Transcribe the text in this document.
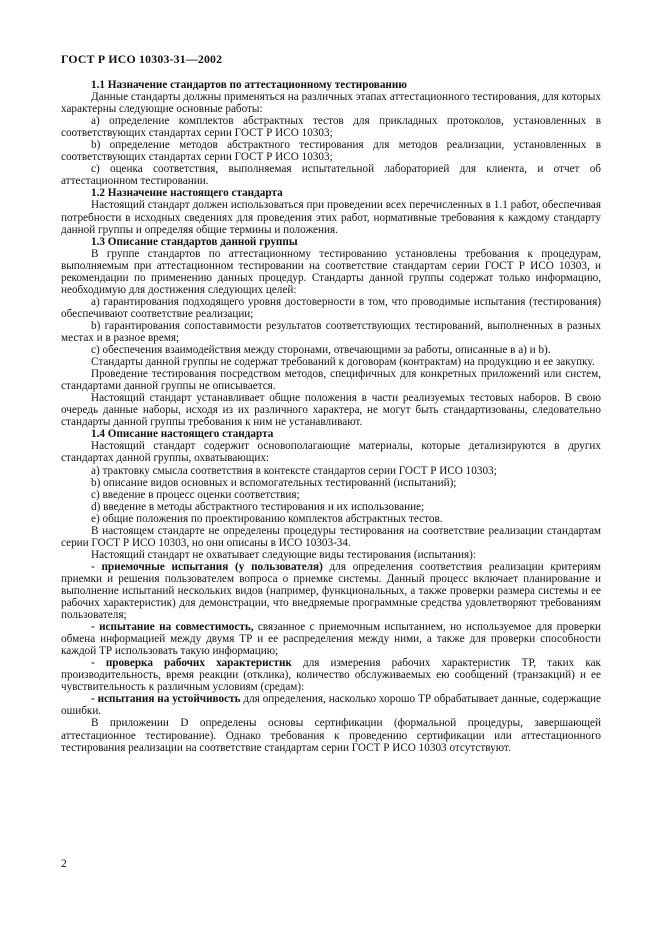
ГОСТ Р ИСО 10303-31—2002
1.1 Назначение стандартов по аттестационному тестированию

Данные стандарты должны применяться на различных этапах аттестационного тестирования, для которых характерны следующие основные работы:

a) определение комплектов абстрактных тестов для прикладных протоколов, установленных в соответствующих стандартах серии ГОСТ Р ИСО 10303;

b) определение методов абстрактного тестирования для методов реализации, установленных в соответствующих стандартах серии ГОСТ Р ИСО 10303;

c) оценка соответствия, выполняемая испытательной лабораторией для клиента, и отчет об аттестационном тестировании.

1.2 Назначение настоящего стандарта

Настоящий стандарт должен использоваться при проведении всех перечисленных в 1.1 работ, обеспечивая потребности в исходных сведениях для проведения этих работ, нормативные требования к каждому стандарту данной группы и определяя общие термины и положения.

1.3 Описание стандартов данной группы

В группе стандартов по аттестационному тестированию установлены требования к процедурам, выполняемым при аттестационном тестировании на соответствие стандартам серии ГОСТ Р ИСО 10303, и рекомендации по применению данных процедур. Стандарты данной группы содержат только информацию, необходимую для достижения следующих целей:

a) гарантирования подходящего уровня достоверности в том, что проводимые испытания (тестирования) обеспечивают соответствие реализации;

b) гарантирования сопоставимости результатов соответствующих тестирований, выполненных в разных местах и в разное время;

c) обеспечения взаимодействия между сторонами, отвечающими за работы, описанные в a) и b).

Стандарты данной группы не содержат требований к договорам (контрактам) на продукцию и ее закупку.

Проведение тестирования посредством методов, специфичных для конкретных приложений или систем, стандартами данной группы не описывается.

Настоящий стандарт устанавливает общие положения в части реализуемых тестовых наборов. В свою очередь данные наборы, исходя из их различного характера, не могут быть стандартизованы, следовательно стандарты данной группы требования к ним не устанавливают.

1.4 Описание настоящего стандарта

Настоящий стандарт содержит основополагающие материалы, которые детализируются в других стандартах данной группы, охватывающих:

a) трактовку смысла соответствия в контексте стандартов серии ГОСТ Р ИСО 10303;

b) описание видов основных и вспомогательных тестирований (испытаний);

c) введение в процесс оценки соответствия;

d) введение в методы абстрактного тестирования и их использование;

e) общие положения по проектированию комплектов абстрактных тестов.

В настоящем стандарте не определены процедуры тестирования на соответствие реализации стандартам серии ГОСТ Р ИСО 10303, но они описаны в ИСО 10303-34.

Настоящий стандарт не охватывает следующие виды тестирования (испытания):

- приемочные испытания (у пользователя) для определения соответствия реализации критериям приемки и решения пользователем вопроса о приемке системы. Данный процесс включает планирование и выполнение испытаний нескольких видов (например, функциональных, а также проверки размера системы и ее рабочих характеристик) для демонстрации, что внедряемые программные средства удовлетворяют требованиям пользователя;

- испытание на совместимость, связанное с приемочным испытанием, но используемое для проверки обмена информацией между двумя ТР и ее распределения между ними, а также для проверки способности каждой ТР использовать такую информацию;

- проверка рабочих характеристик для измерения рабочих характеристик ТР, таких как производительность, время реакции (отклика), количество обслуживаемых ею сообщений (транзакций) и ее чувствительность к различным условиям (средам):

- испытания на устойчивость для определения, насколько хорошо ТР обрабатывает данные, содержащие ошибки.

В приложении D определены основы сертификации (формальной процедуры, завершающей аттестационное тестирование). Однако требования к проведению сертификации или аттестационного тестирования реализации на соответствие стандартам серии ГОСТ Р ИСО 10303 отсутствуют.

2
